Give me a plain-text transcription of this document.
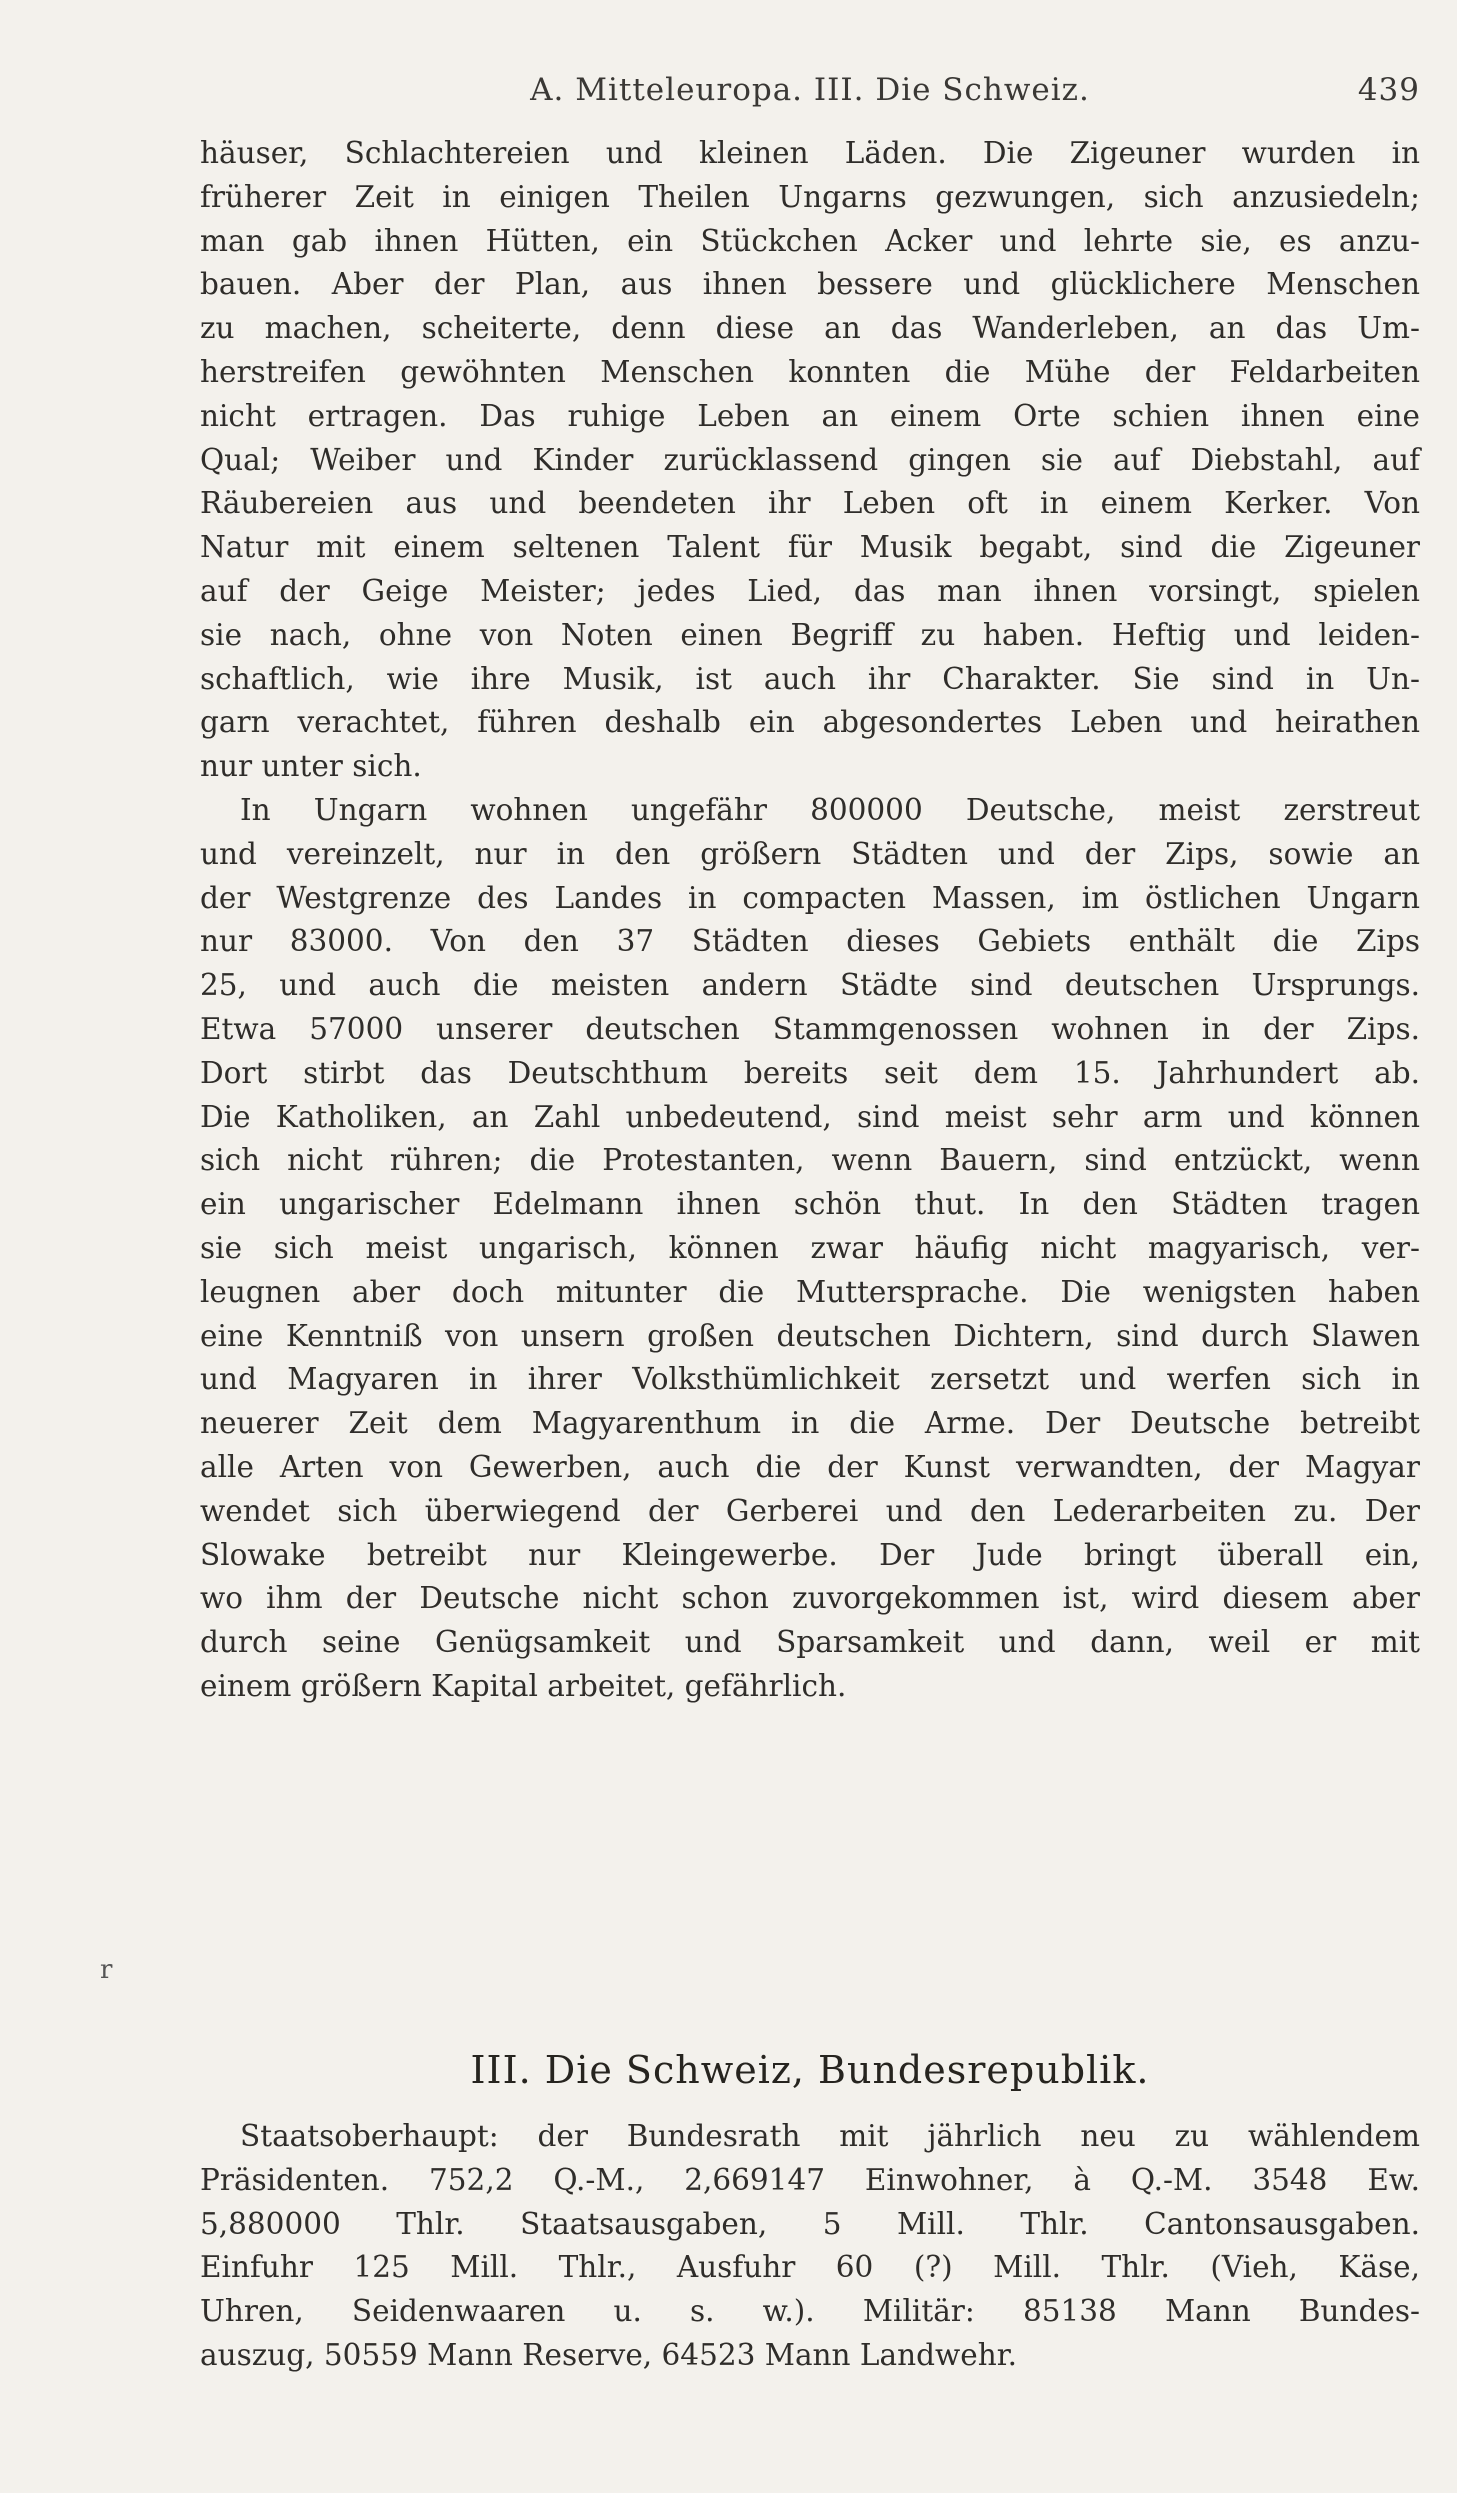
A. Mitteleuropa. III. Die Schweiz.	439

häuser, Schlachtereien und kleinen Läden. Die Zigeuner wurden in
früherer Zeit in einigen Theilen Ungarns gezwungen, sich anzusiedeln;
man gab ihnen Hütten, ein Stückchen Acker und lehrte sie, es anzu-
bauen. Aber der Plan, aus ihnen bessere und glücklichere Menschen
zu machen, scheiterte, denn diese an das Wanderleben, an das Um-
herstreifen gewöhnten Menschen konnten die Mühe der Feldarbeiten
nicht ertragen. Das ruhige Leben an einem Orte schien ihnen eine
Qual; Weiber und Kinder zurücklassend gingen sie auf Diebstahl, auf
Räubereien aus und beendeten ihr Leben oft in einem Kerker. Von
Natur mit einem seltenen Talent für Musik begabt, sind die Zigeuner
auf der Geige Meister; jedes Lied, das man ihnen vorsingt, spielen
sie nach, ohne von Noten einen Begriff zu haben. Heftig und leiden-
schaftlich, wie ihre Musik, ist auch ihr Charakter. Sie sind in Un-
garn verachtet, führen deshalb ein abgesondertes Leben und heirathen
nur unter sich.

In Ungarn wohnen ungefähr 800000 Deutsche, meist zerstreut
und vereinzelt, nur in den größern Städten und der Zips, sowie an
der Westgrenze des Landes in compacten Massen, im östlichen Ungarn
nur 83000. Von den 37 Städten dieses Gebiets enthält die Zips
25, und auch die meisten andern Städte sind deutschen Ursprungs.
Etwa 57000 unserer deutschen Stammgenossen wohnen in der Zips.
Dort stirbt das Deutschthum bereits seit dem 15. Jahrhundert ab.
Die Katholiken, an Zahl unbedeutend, sind meist sehr arm und können
sich nicht rühren; die Protestanten, wenn Bauern, sind entzückt, wenn
ein ungarischer Edelmann ihnen schön thut. In den Städten tragen
sie sich meist ungarisch, können zwar häufig nicht magyarisch, ver-
leugnen aber doch mitunter die Muttersprache. Die wenigsten haben
eine Kenntniß von unsern großen deutschen Dichtern, sind durch Slawen
und Magyaren in ihrer Volksthümlichkeit zersetzt und werfen sich in
neuerer Zeit dem Magyarenthum in die Arme. Der Deutsche betreibt
alle Arten von Gewerben, auch die der Kunst verwandten, der Magyar
wendet sich überwiegend der Gerberei und den Lederarbeiten zu. Der
Slowake betreibt nur Kleingewerbe. Der Jude bringt überall ein,
wo ihm der Deutsche nicht schon zuvorgekommen ist, wird diesem aber
durch seine Genügsamkeit und Sparsamkeit und dann, weil er mit
einem größern Kapital arbeitet, gefährlich.

r
III. Die Schweiz, Bundesrepublik.
Staatsoberhaupt: der Bundesrath mit jährlich neu zu wählendem
Präsidenten. 752,2 Q.-M., 2,669147 Einwohner, à Q.-M. 3548 Ew.
5,880000 Thlr. Staatsausgaben, 5 Mill. Thlr. Cantonsausgaben.
Einfuhr 125 Mill. Thlr., Ausfuhr 60 (?) Mill. Thlr. (Vieh, Käse,
Uhren, Seidenwaaren u. s. w.). Militär: 85138 Mann Bundes-
auszug, 50559 Mann Reserve, 64523 Mann Landwehr.
